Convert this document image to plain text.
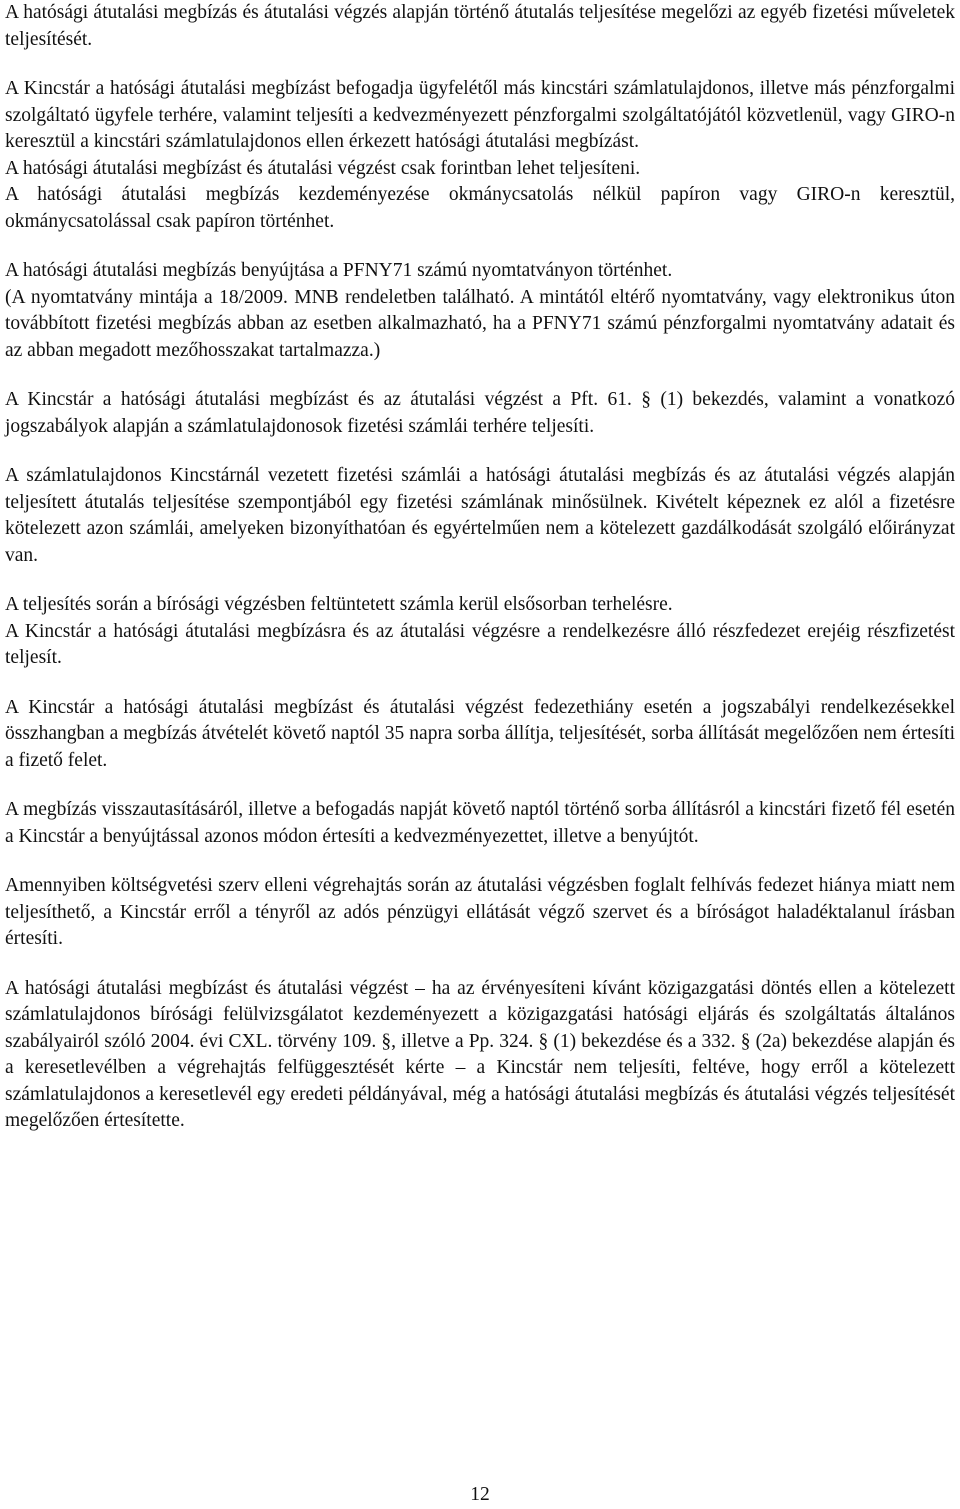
A hatósági átutalási megbízás és átutalási végzés alapján történő átutalás teljesítése megelőzi az egyéb fizetési műveletek teljesítését.

A Kincstár a hatósági átutalási megbízást befogadja ügyfelétől más kincstári számlatulajdonos, illetve más pénzforgalmi szolgáltató ügyfele terhére, valamint teljesíti a kedvezményezett pénzforgalmi szolgáltatójától közvetlenül, vagy GIRO-n keresztül a kincstári számlatulajdonos ellen érkezett hatósági átutalási megbízást.

A hatósági átutalási megbízást és átutalási végzést csak forintban lehet teljesíteni.

A hatósági átutalási megbízás kezdeményezése okmánycsatolás nélkül papíron vagy GIRO-n keresztül, okmánycsatolással csak papíron történhet.

A hatósági átutalási megbízás benyújtása a PFNY71 számú nyomtatványon történhet.

(A nyomtatvány mintája a 18/2009. MNB rendeletben található. A mintától eltérő nyomtatvány, vagy elektronikus úton továbbított fizetési megbízás abban az esetben alkalmazható, ha a PFNY71 számú pénzforgalmi nyomtatvány adatait és az abban megadott mezőhosszakat tartalmazza.)

A Kincstár a hatósági átutalási megbízást és az átutalási végzést a Pft. 61. § (1) bekezdés, valamint a vonatkozó jogszabályok alapján a számlatulajdonosok fizetési számlái terhére teljesíti.

A számlatulajdonos Kincstárnál vezetett fizetési számlái a hatósági átutalási megbízás és az átutalási végzés alapján teljesített átutalás teljesítése szempontjából egy fizetési számlának minősülnek. Kivételt képeznek ez alól a fizetésre kötelezett azon számlái, amelyeken bizonyíthatóan és egyértelműen nem a kötelezett gazdálkodását szolgáló előirányzat van.

A teljesítés során a bírósági végzésben feltüntetett számla kerül elsősorban terhelésre.

A Kincstár a hatósági átutalási megbízásra és az átutalási végzésre a rendelkezésre álló részfedezet erejéig részfizetést teljesít.

A Kincstár a hatósági átutalási megbízást és átutalási végzést fedezethiány esetén a jogszabályi rendelkezésekkel összhangban a megbízás átvételét követő naptól 35 napra sorba állítja, teljesítését, sorba állítását megelőzően nem értesíti a fizető felet.

A megbízás visszautasításáról, illetve a befogadás napját követő naptól történő sorba állításról a kincstári fizető fél esetén a Kincstár a benyújtással azonos módon értesíti a kedvezményezettet, illetve a benyújtót.

Amennyiben költségvetési szerv elleni végrehajtás során az átutalási végzésben foglalt felhívás fedezet hiánya miatt nem teljesíthető, a Kincstár erről a tényről az adós pénzügyi ellátását végző szervet és a bíróságot haladéktalanul írásban értesíti.

A hatósági átutalási megbízást és átutalási végzést – ha az érvényesíteni kívánt közigazgatási döntés ellen a kötelezett számlatulajdonos bírósági felülvizsgálatot kezdeményezett a közigazgatási hatósági eljárás és szolgáltatás általános szabályairól szóló 2004. évi CXL. törvény 109. §, illetve a Pp. 324. § (1) bekezdése és a 332. § (2a) bekezdése alapján és a keresetlevélben a végrehajtás felfüggesztését kérte – a Kincstár nem teljesíti, feltéve, hogy erről a kötelezett számlatulajdonos a keresetlevél egy eredeti példányával, még a hatósági átutalási megbízás és átutalási végzés teljesítését megelőzően értesítette.

12
